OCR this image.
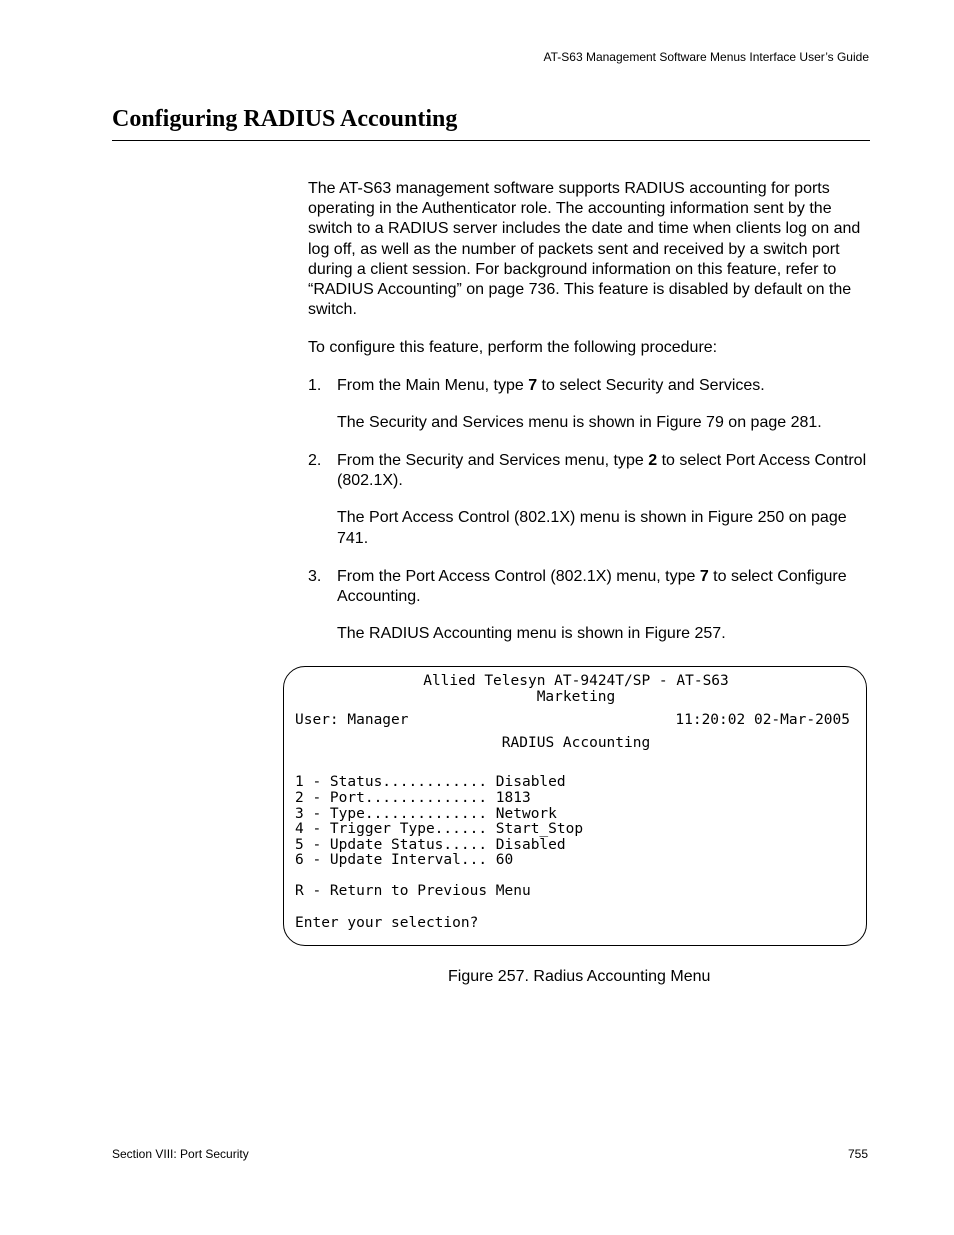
AT-S63 Management Software Menus Interface User’s Guide
Configuring RADIUS Accounting

The AT-S63 management software supports RADIUS accounting for ports operating in the Authenticator role. The accounting information sent by the switch to a RADIUS server includes the date and time when clients log on and log off, as well as the number of packets sent and received by a switch port during a client session. For background information on this feature, refer to “RADIUS Accounting” on page 736. This feature is disabled by default on the switch.

To configure this feature, perform the following procedure:

1. From the Main Menu, type 7 to select Security and Services.

The Security and Services menu is shown in Figure 79 on page 281.

2. From the Security and Services menu, type 2 to select Port Access Control (802.1X).

The Port Access Control (802.1X) menu is shown in Figure 250 on page 741.

3. From the Port Access Control (802.1X) menu, type 7 to select Configure Accounting.

The RADIUS Accounting menu is shown in Figure 257.

Allied Telesyn AT-9424T/SP - AT-S63
Marketing
User: Manager	11:20:02 02-Mar-2005
RADIUS Accounting
1 - Status............ Disabled
2 - Port.............. 1813
3 - Type.............. Network
4 - Trigger Type...... Start_Stop
5 - Update Status..... Disabled
6 - Update Interval... 60
R - Return to Previous Menu
Enter your selection?
Figure 257. Radius Accounting Menu
Section VIII: Port Security	755
